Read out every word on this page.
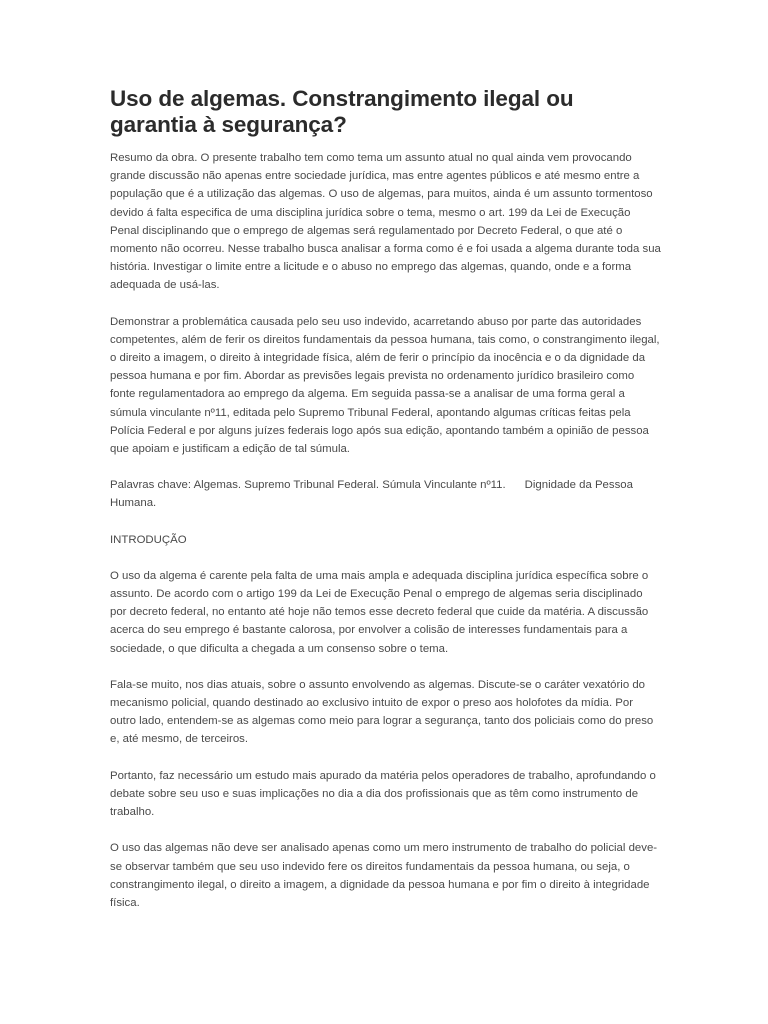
Uso de algemas. Constrangimento ilegal ou garantia à segurança?

Resumo da obra. O presente trabalho tem como tema um assunto atual no qual ainda vem provocando grande discussão não apenas entre sociedade jurídica, mas entre agentes públicos e até mesmo entre a população que é a utilização das algemas. O uso de algemas, para muitos, ainda é um assunto tormentoso devido á falta especifica de uma disciplina jurídica sobre o tema, mesmo o art. 199 da Lei de Execução Penal disciplinando que o emprego de algemas será regulamentado por Decreto Federal, o que até o momento não ocorreu. Nesse trabalho busca analisar a forma como é e foi usada a algema durante toda sua história. Investigar o limite entre a licitude e o abuso no emprego das algemas, quando, onde e a forma adequada de usá-las.

Demonstrar a problemática causada pelo seu uso indevido, acarretando abuso por parte das autoridades competentes, além de ferir os direitos fundamentais da pessoa humana, tais como, o constrangimento ilegal, o direito a imagem, o direito à integridade física, além de ferir o princípio da inocência e o da dignidade da pessoa humana e por fim. Abordar as previsões legais prevista no ordenamento jurídico brasileiro como fonte regulamentadora ao emprego da algema. Em seguida passa-se a analisar de uma forma geral a súmula vinculante nº11, editada pelo Supremo Tribunal Federal, apontando algumas críticas feitas pela Polícia Federal e por alguns juízes federais logo após sua edição, apontando também a opinião de pessoa que apoiam e justificam a edição de tal súmula.

Palavras chave: Algemas. Supremo Tribunal Federal. Súmula Vinculante nº11.      Dignidade da Pessoa Humana.

INTRODUÇÃO

O uso da algema é carente pela falta de uma mais ampla e adequada disciplina jurídica específica sobre o assunto. De acordo com o artigo 199 da Lei de Execução Penal o emprego de algemas seria disciplinado por decreto federal, no entanto até hoje não temos esse decreto federal que cuide da matéria. A discussão acerca do seu emprego é bastante calorosa, por envolver a colisão de interesses fundamentais para a sociedade, o que dificulta a chegada a um consenso sobre o tema.

Fala-se muito, nos dias atuais, sobre o assunto envolvendo as algemas. Discute-se o caráter vexatório do mecanismo policial, quando destinado ao exclusivo intuito de expor o preso aos holofotes da mídia. Por outro lado, entendem-se as algemas como meio para lograr a segurança, tanto dos policiais como do preso e, até mesmo, de terceiros.

Portanto, faz necessário um estudo mais apurado da matéria pelos operadores de trabalho, aprofundando o debate sobre seu uso e suas implicações no dia a dia dos profissionais que as têm como instrumento de trabalho.

O uso das algemas não deve ser analisado apenas como um mero instrumento de trabalho do policial deve-se observar também que seu uso indevido fere os direitos fundamentais da pessoa humana, ou seja, o constrangimento ilegal, o direito a imagem, a dignidade da pessoa humana e por fim o direito à integridade física.
